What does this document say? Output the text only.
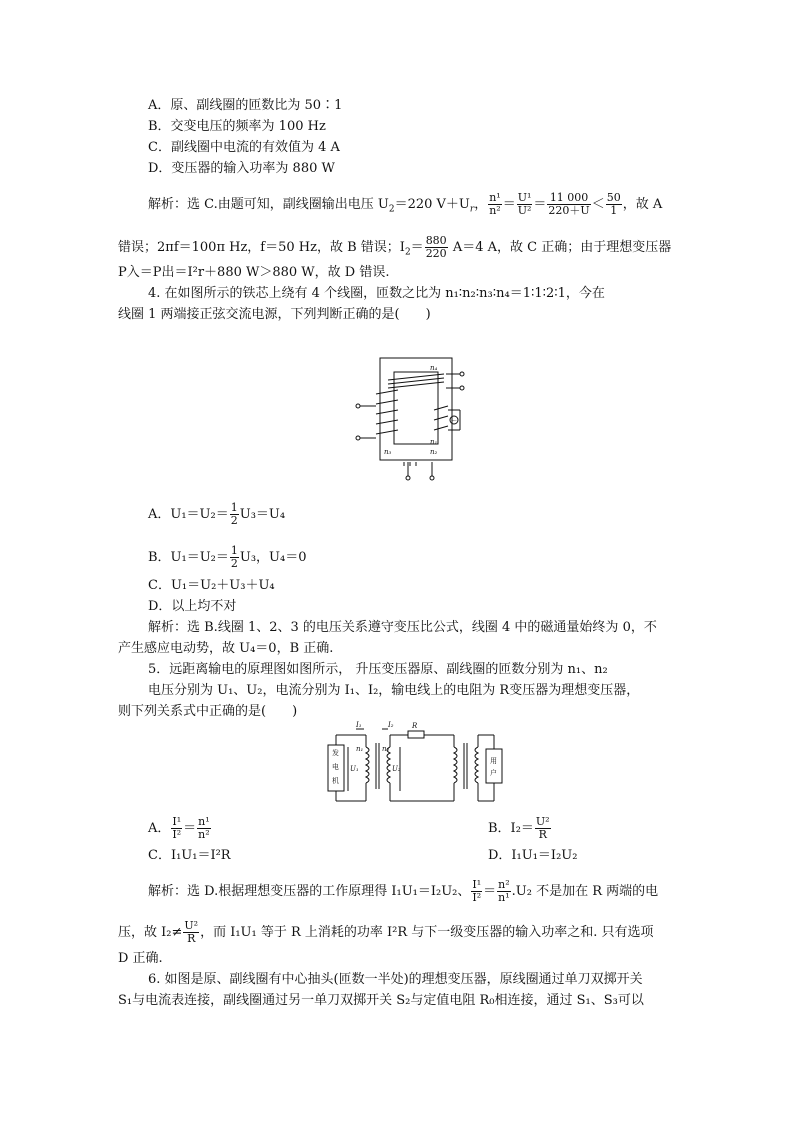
A．原、副线圈的匝数比为 50∶1
B．交变电压的频率为 100 Hz
C．副线圈中电流的有效值为 4 A
D．变压器的输入功率为 880 W
解析：选 C.由题可知，副线圈输出电压 $U_2=220$ $V+U_r$， $\frac{\text{n¹}}{\text{n²}} = \frac{\text{U¹}}{\text{U²}} = \frac{11 000}{220+U} < \frac{50}{1}$ ，故 A
错误；2πf＝100π Hz，f＝50 Hz，故 B 错误；$I_2= \frac{880}{220} A=4$ A，故 C 正确；由于理想变压器
P入＝P出＝I²r＋880 W＞880 W，故 D 错误.
4. 在如图所示的铁芯上绕有 4 个线圈，匝数之比为 n₁∶n₂∶n₃∶n₄＝1∶1∶2∶1，今在
线圈 1 两端接正弦交流电源，下列判断正确的是(　　)
n₄
n₁
n₂
n₃
～
A．$U_1=U_2= \frac{1}{2} U_3=U_4$
B．$U_1=U_2= \frac{1}{2} U_3$，U₄＝0
C．U₁＝U₂＋U₃＋U₄
D．以上均不对
解析：选 B.线圈 1、2、3 的电压关系遵守变压比公式，线圈 4 中的磁通量始终为 0，不
产生感应电动势，故 U₄＝0，B 正确.
5．远距离输电的原理图如图所示， 升压变压器原、副线圈的匝数分别为 n₁、n₂
电压分别为 U₁、U₂，电流分别为 I₁、I₂，输电线上的电阻为 R变压器为理想变压器，
则下列关系式中正确的是(　　)
发
电
机
用
户
I₁	I₂	R
n₁	n₂
U₁	U₂
A． $\frac{\text{I¹}}{\text{I²}} = \frac{\text{n¹}}{\text{n²}}$	B．$I_2= \frac{\text{U²}}{R}$
C．I₁U₁＝I²R	D．I₁U₁＝I₂U₂
解析：选 D.根据理想变压器的工作原理得 I₁U₁＝I₂U₂、 $\frac{\text{I¹}}{\text{I²}} = \frac{\text{n²}}{\text{n¹}} .U_2$ 不是加在 R 两端的电
压，故 $I_2\ne \frac{\text{U²}}{R}$ ，而 I₁U₁ 等于 R 上消耗的功率 I²R 与下一级变压器的输入功率之和. 只有选项
D 正确.
6. 如图是原、副线圈有中心抽头(匝数一半处)的理想变压器，原线圈通过单刀双掷开关
S₁与电流表连接，副线圈通过另一单刀双掷开关 S₂与定值电阻 R₀相连接，通过 S₁、S₃可以
